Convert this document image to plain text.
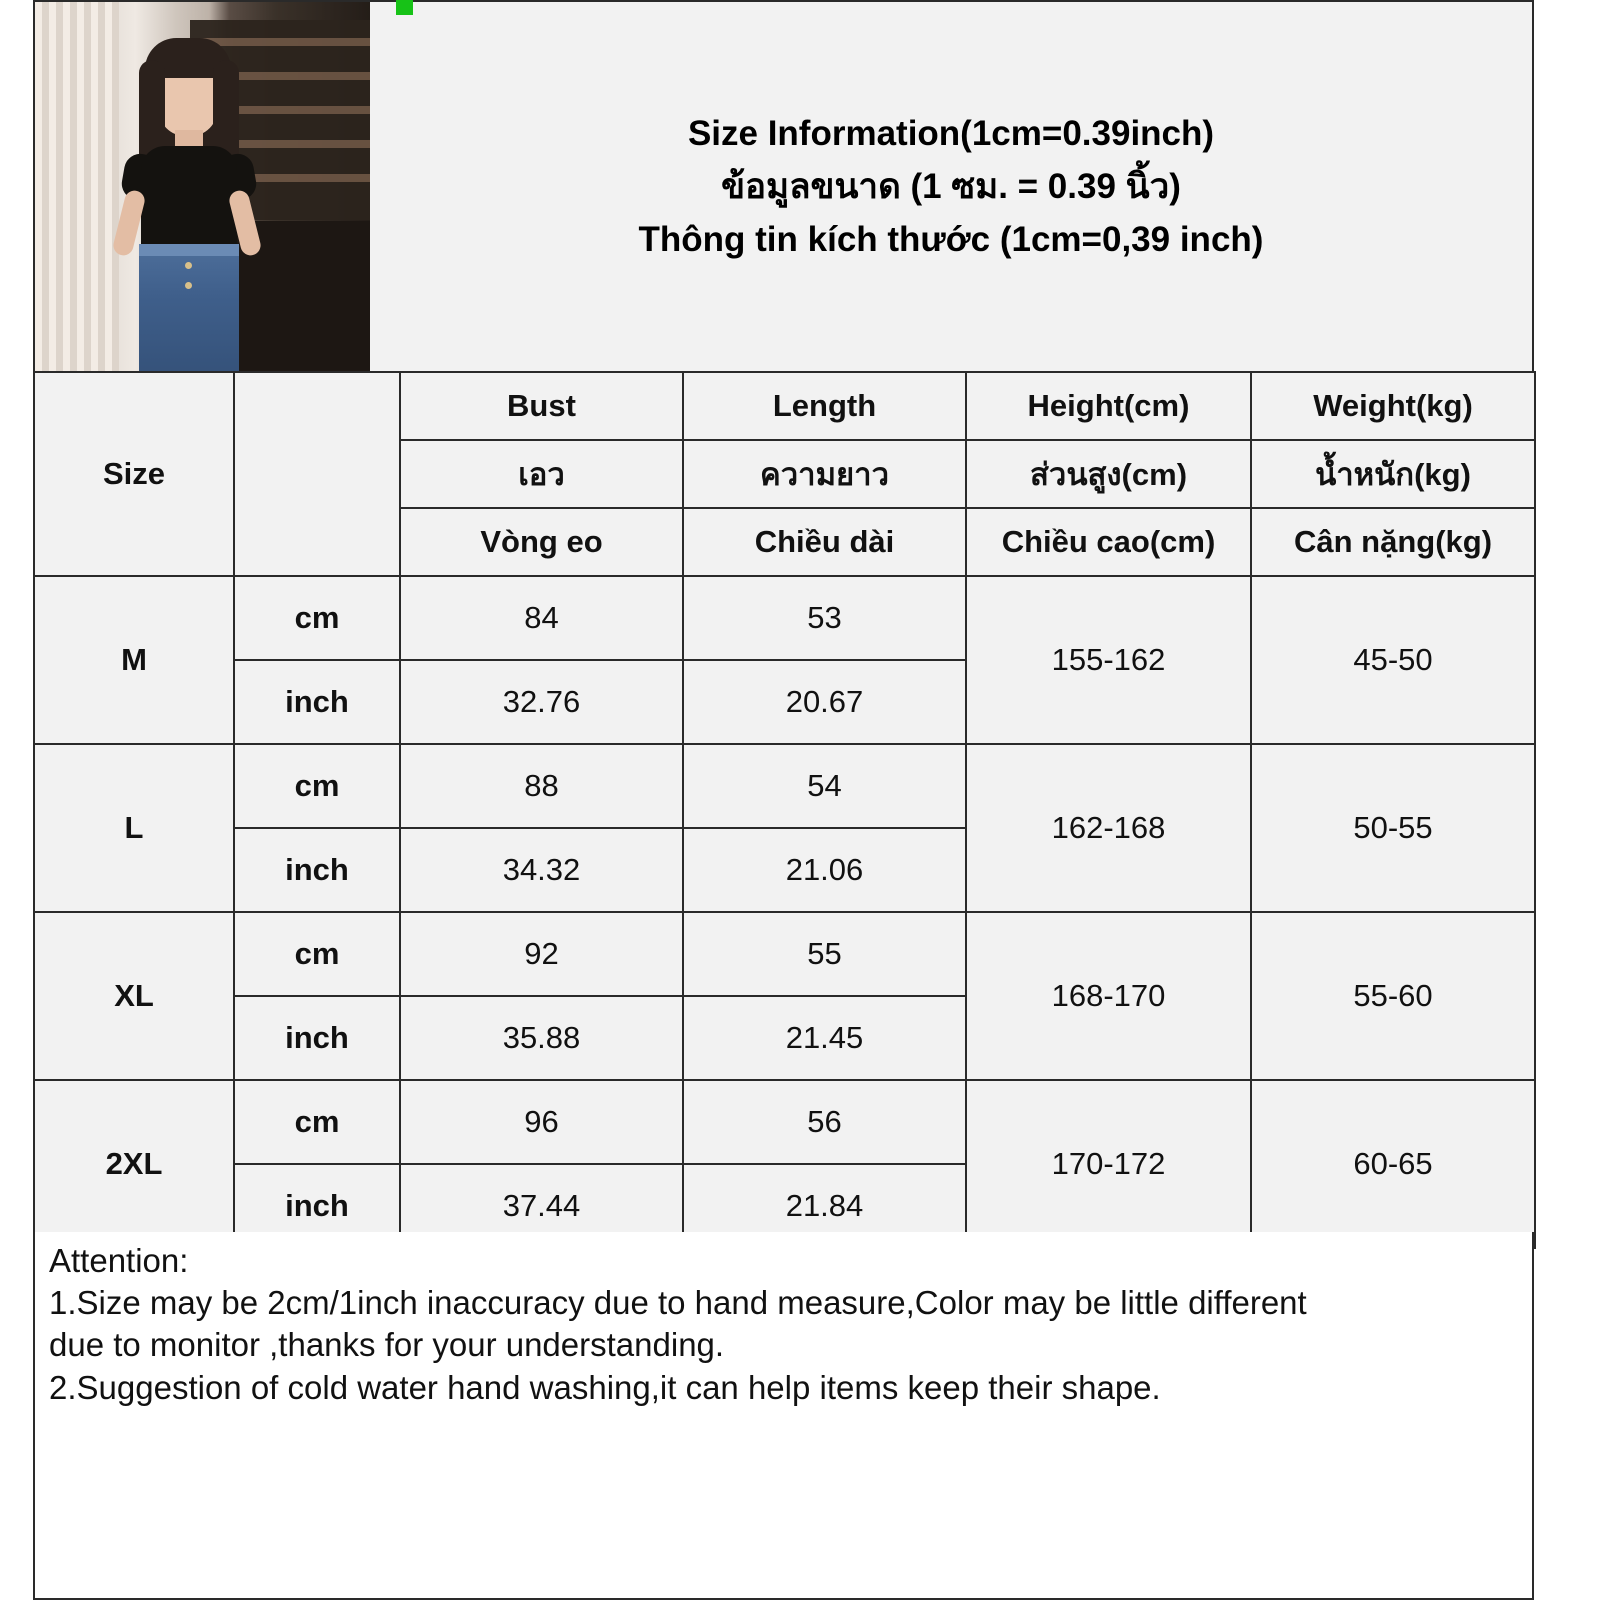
Size Information(1cm=0.39inch)
ข้อมูลขนาด (1 ซม. = 0.39 นิ้ว)
Thông tin kích thước (1cm=0,39 inch)
Size		Bust	Length	Height(cm)	Weight(kg)
		เอว	ความยาว	ส่วนสูง(cm)	น้ำหนัก(kg)
		Vòng eo	Chiều dài	Chiều cao(cm)	Cân nặng(kg)
M	cm	84	53	155-162	45-50
	inch	32.76	20.67		
L	cm	88	54	162-168	50-55
	inch	34.32	21.06		
XL	cm	92	55	168-170	55-60
	inch	35.88	21.45		
2XL	cm	96	56	170-172	60-65
	inch	37.44	21.84		

Attention:

1.Size may be 2cm/1inch inaccuracy due to hand measure,Color may be little different

due to monitor ,thanks for your understanding.

2.Suggestion of cold water hand washing,it can help items keep their shape.
